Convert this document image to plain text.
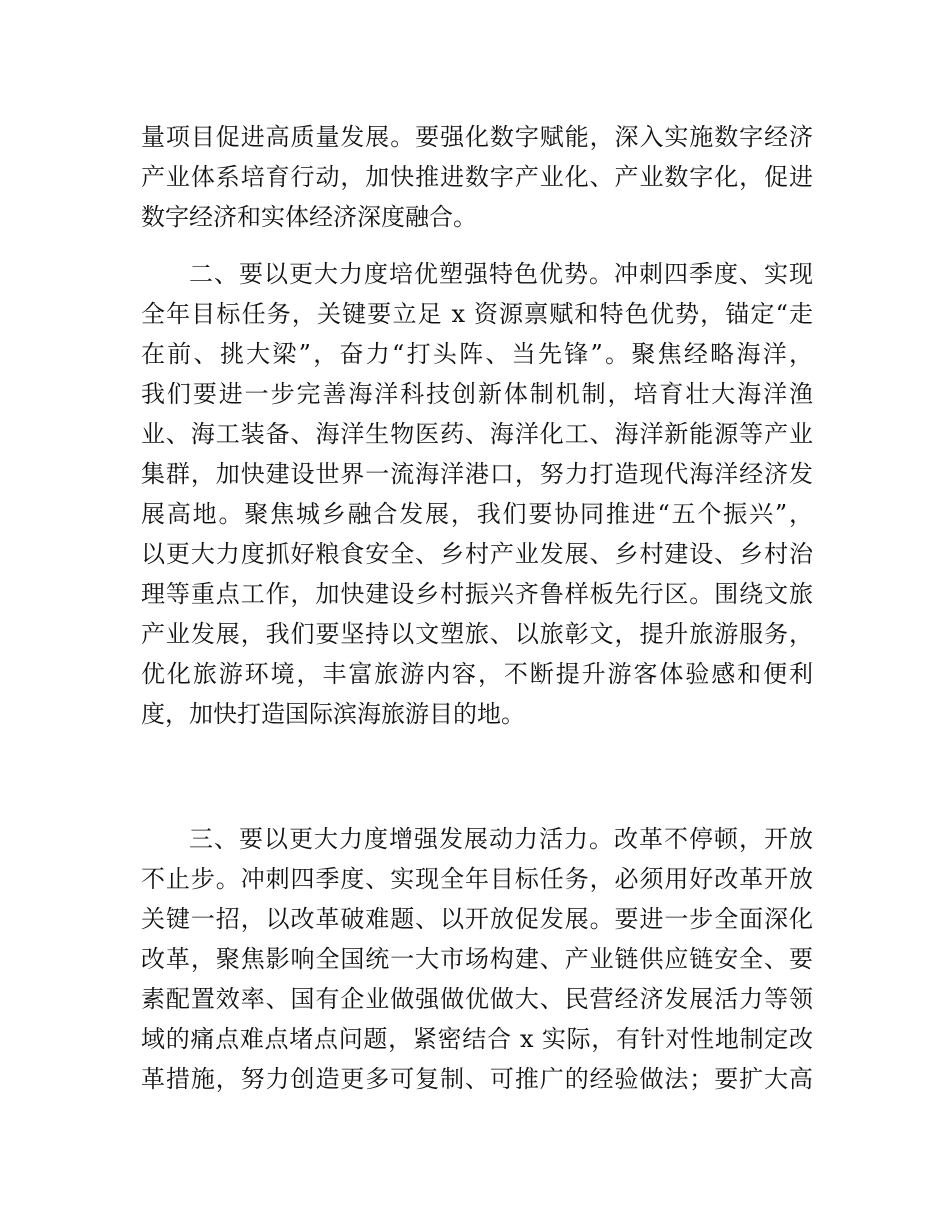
量项目促进高质量发展。要强化数字赋能，深入实施数字经济
产业体系培育行动，加快推进数字产业化、产业数字化，促进
数字经济和实体经济深度融合。
二、要以更大力度培优塑强特色优势。冲刺四季度、实现
全年目标任务，关键要立足 x 资源禀赋和特色优势，锚定“走
在前、挑大梁”，奋力“打头阵、当先锋”。聚焦经略海洋，
我们要进一步完善海洋科技创新体制机制，培育壮大海洋渔
业、海工装备、海洋生物医药、海洋化工、海洋新能源等产业
集群，加快建设世界一流海洋港口，努力打造现代海洋经济发
展高地。聚焦城乡融合发展，我们要协同推进“五个振兴”，
以更大力度抓好粮食安全、乡村产业发展、乡村建设、乡村治
理等重点工作，加快建设乡村振兴齐鲁样板先行区。围绕文旅
产业发展，我们要坚持以文塑旅、以旅彰文，提升旅游服务，
优化旅游环境，丰富旅游内容，不断提升游客体验感和便利
度，加快打造国际滨海旅游目的地。
三、要以更大力度增强发展动力活力。改革不停顿，开放
不止步。冲刺四季度、实现全年目标任务，必须用好改革开放
关键一招，以改革破难题、以开放促发展。要进一步全面深化
改革，聚焦影响全国统一大市场构建、产业链供应链安全、要
素配置效率、国有企业做强做优做大、民营经济发展活力等领
域的痛点难点堵点问题，紧密结合 x 实际，有针对性地制定改
革措施，努力创造更多可复制、可推广的经验做法；要扩大高
